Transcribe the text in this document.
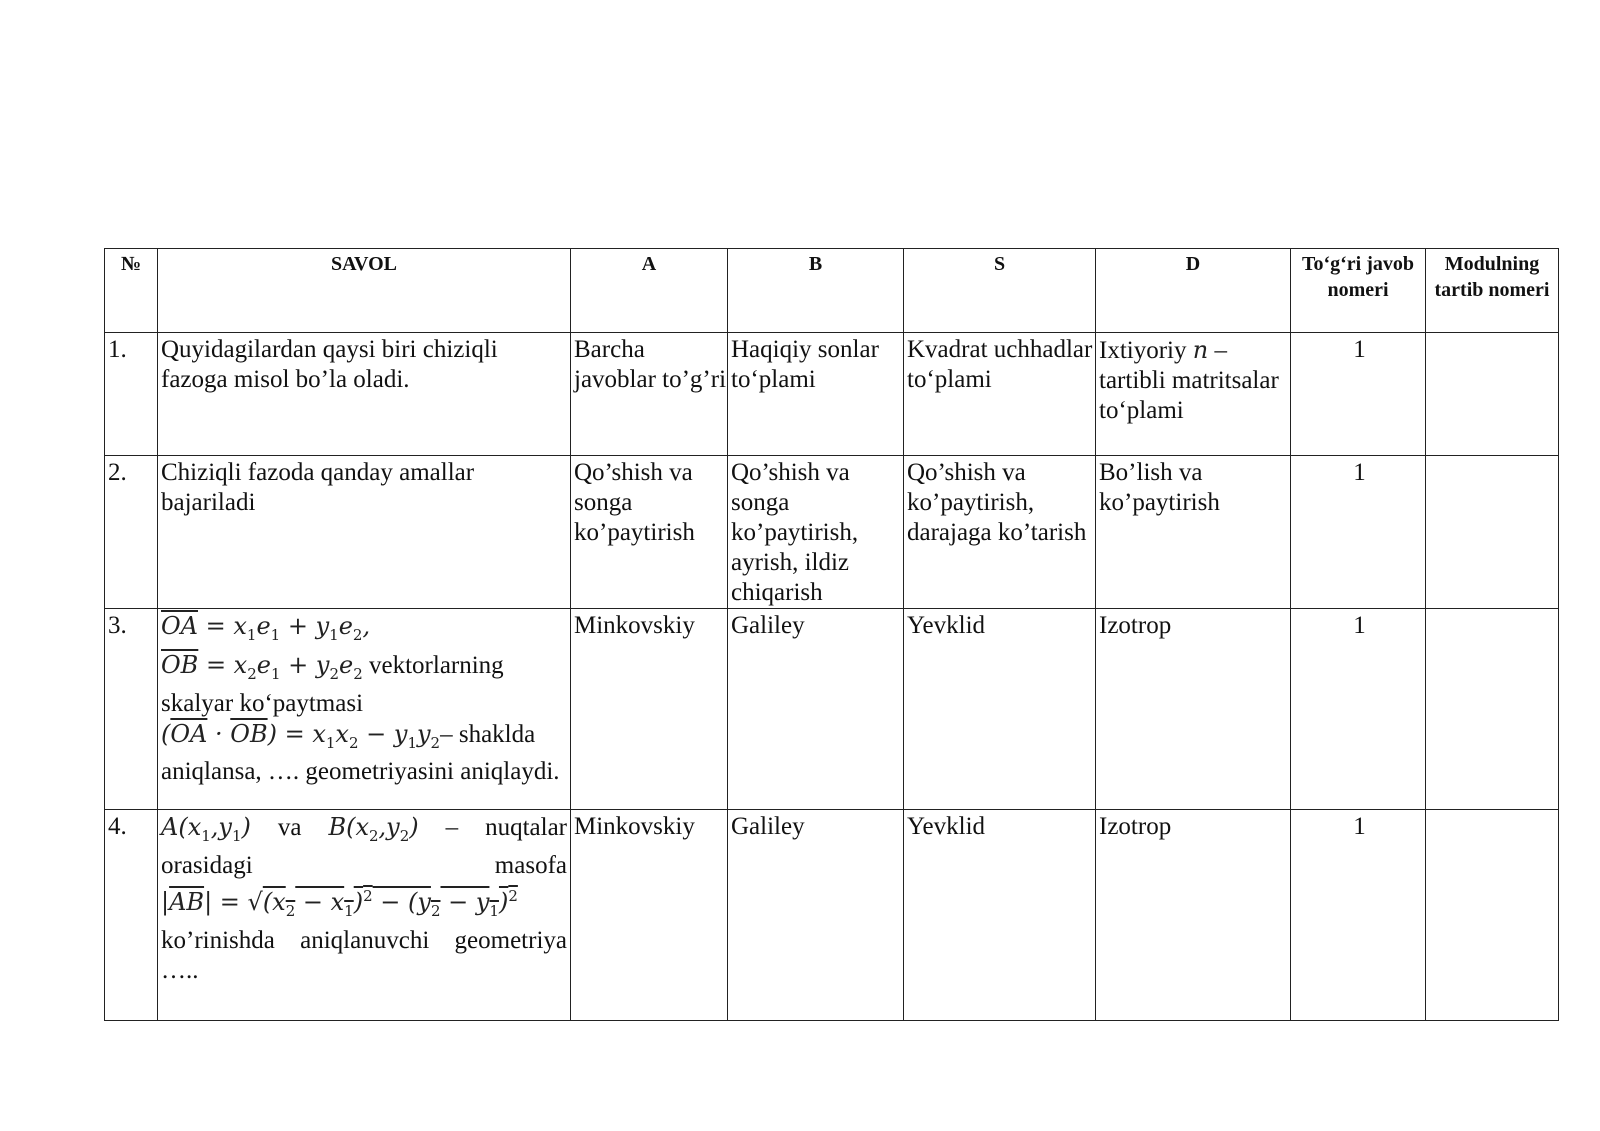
№	SAVOL	A	B	S	D	To‘g‘ri javob nomeri	Modulning tartib nomeri
1.	Quyidagilardan qaysi biri chiziqli fazoga misol bo’la oladi.	Barcha javoblar to’g’ri	Haqiqiy sonlar to‘plami	Kvadrat uchhadlar to‘plami	Ixtiyoriy n – tartibli matritsalar to‘plami	1	
2.	Chiziqli fazoda qanday amallar bajariladi	Qo’shish va songa ko’paytirish	Qo’shish va songa ko’paytirish, ayrish, ildiz chiqarish	Qo’shish va ko’paytirish, darajaga ko’tarish	Bo’lish va ko’paytirish	1	
3.	$\overline{OA} = x_1e_1 + y_1e_2$,
$\overline{OB} = x_2e_1 + y_2e_2$ vektorlarning
skalyar ko‘paytmasi
$(\overline{OA} \cdot \overline{OB}) = x_1x_2 - y_1y_2-$ shaklda
aniqlansa, …. geometriyasini aniqlaydi.	Minkovskiy	Galiley	Yevklid	Izotrop	1	
4.	$A(x_1,y_1)$ va $B(x_2,y_2)$ – nuqtalar
orasidagi masofa
$|\overline{AB}| = √(x_2 - x_1)^2 - (y_2 - y_1)^2$
ko’rinishda aniqlanuvchi geometriya
…..	Minkovskiy	Galiley	Yevklid	Izotrop	1	
